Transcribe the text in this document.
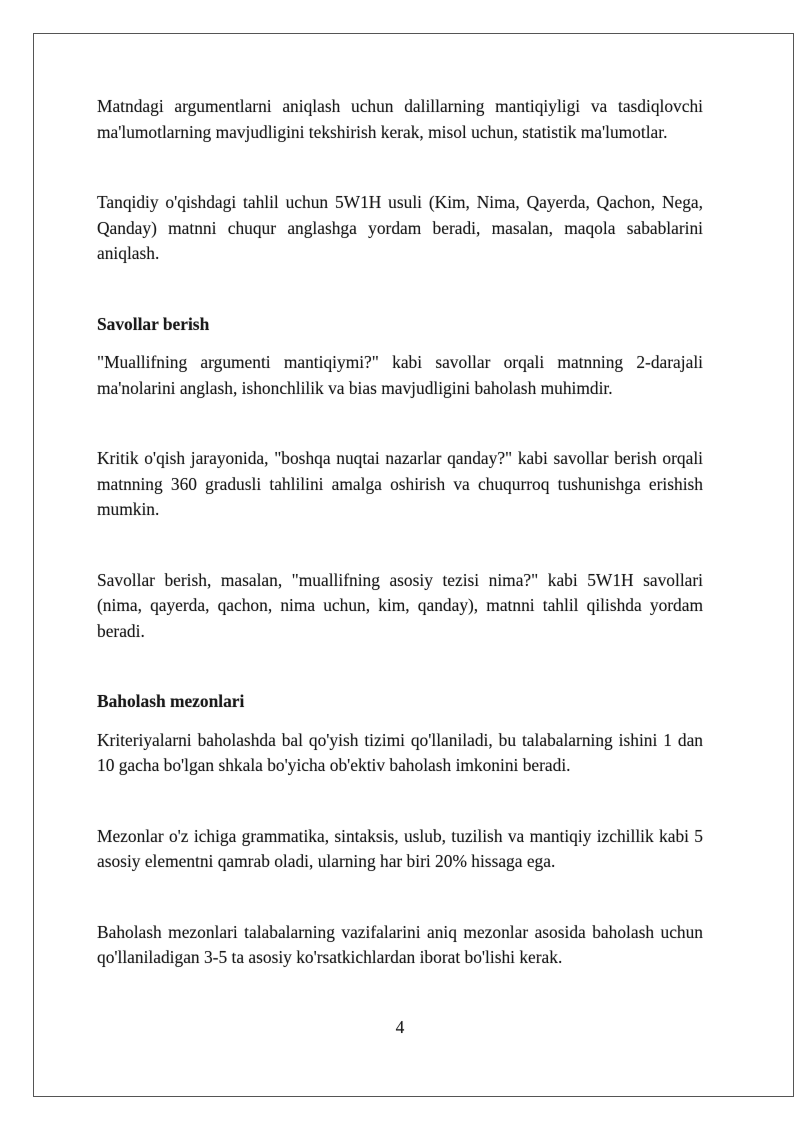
Matndagi argumentlarni aniqlash uchun dalillarning mantiqiyligi va tasdiqlovchi ma'lumotlarning mavjudligini tekshirish kerak, misol uchun, statistik ma'lumotlar.

Tanqidiy o'qishdagi tahlil uchun 5W1H usuli (Kim, Nima, Qayerda, Qachon, Nega, Qanday) matnni chuqur anglashga yordam beradi, masalan, maqola sabablarini aniqlash.

Savollar berish

"Muallifning argumenti mantiqiymi?" kabi savollar orqali matnning 2-darajali ma'nolarini anglash, ishonchlilik va bias mavjudligini baholash muhimdir.

Kritik o'qish jarayonida, "boshqa nuqtai nazarlar qanday?" kabi savollar berish orqali matnning 360 gradusli tahlilini amalga oshirish va chuqurroq tushunishga erishish mumkin.

Savollar berish, masalan, "muallifning asosiy tezisi nima?" kabi 5W1H savollari (nima, qayerda, qachon, nima uchun, kim, qanday), matnni tahlil qilishda yordam beradi.

Baholash mezonlari

Kriteriyalarni baholashda bal qo'yish tizimi qo'llaniladi, bu talabalarning ishini 1 dan 10 gacha bo'lgan shkala bo'yicha ob'ektiv baholash imkonini beradi.

Mezonlar o'z ichiga grammatika, sintaksis, uslub, tuzilish va mantiqiy izchillik kabi 5 asosiy elementni qamrab oladi, ularning har biri 20% hissaga ega.

Baholash mezonlari talabalarning vazifalarini aniq mezonlar asosida baholash uchun qo'llaniladigan 3-5 ta asosiy ko'rsatkichlardan iborat bo'lishi kerak.

4
